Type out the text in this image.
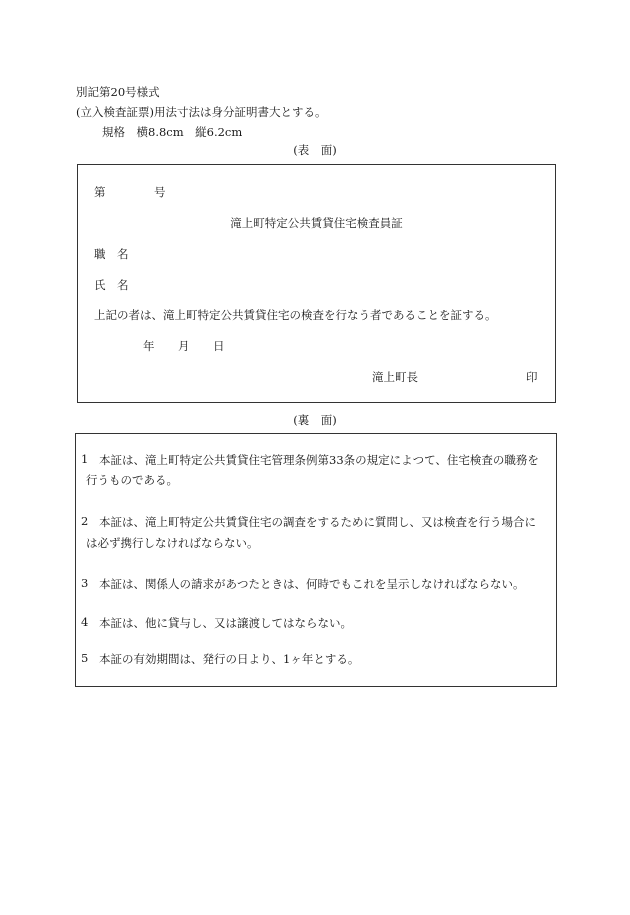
別記第20号様式
(立入検査証票)用法寸法は身分証明書大とする。
規格　横8.8cm　縦6.2cm
(表　面)
第	号
滝上町特定公共賃貸住宅検査員証
職　名
氏　名
上記の者は、滝上町特定公共賃貸住宅の検査を行なう者であることを証する。
年 月 日
滝上町長	印
(裏　面)
1 本証は、滝上町特定公共賃貸住宅管理条例第33条の規定によつて、住宅検査の職務を
行うものである。
2 本証は、滝上町特定公共賃貸住宅の調査をするために質問し、又は検査を行う場合に
は必ず携行しなければならない。
3 本証は、関係人の請求があつたときは、何時でもこれを呈示しなければならない。
4 本証は、他に貸与し、又は譲渡してはならない。
5 本証の有効期間は、発行の日より、1ヶ年とする。
